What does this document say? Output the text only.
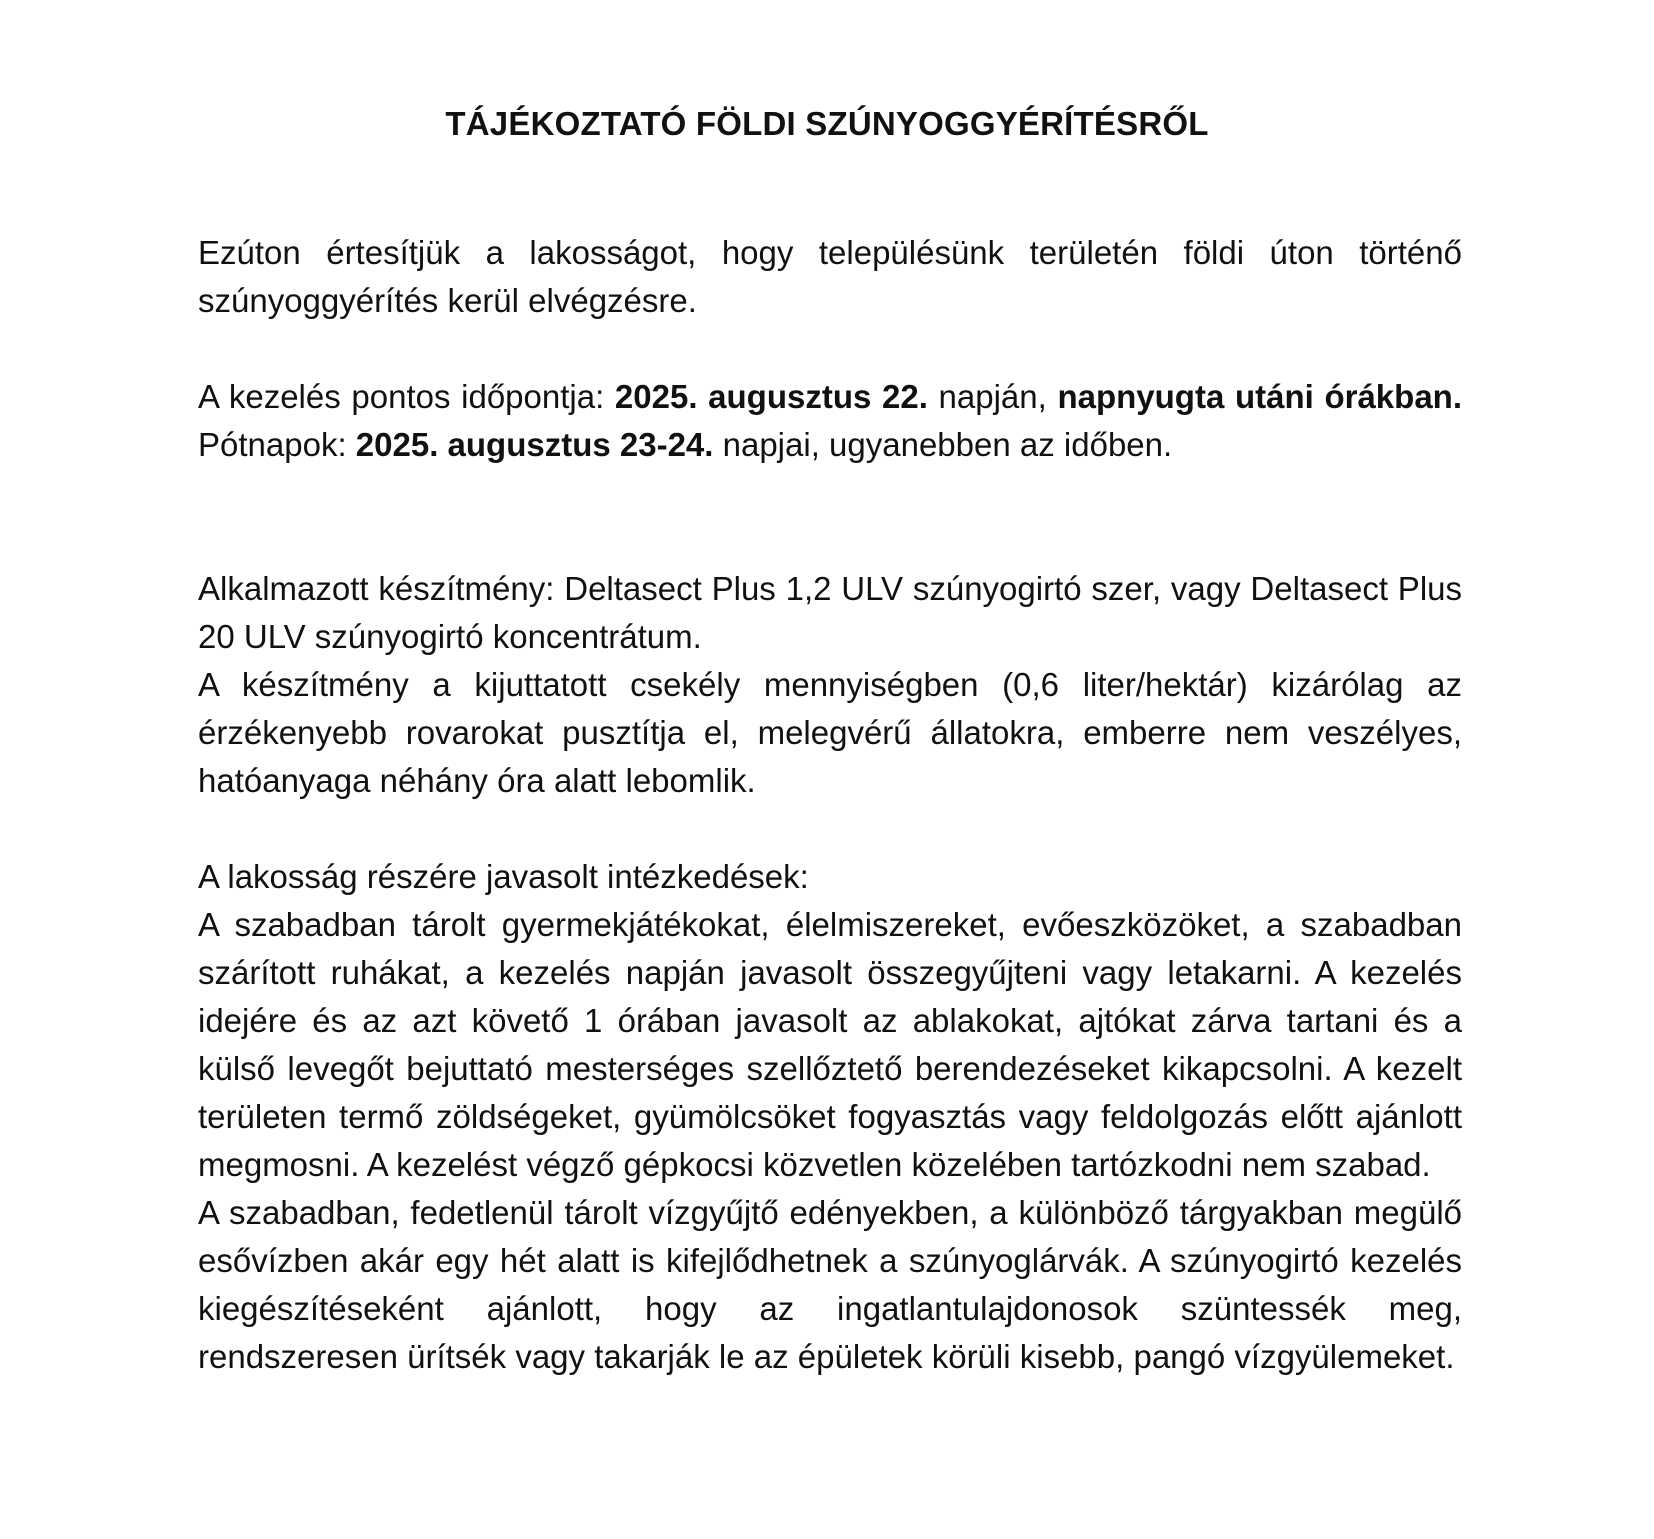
TÁJÉKOZTATÓ FÖLDI SZÚNYOGGYÉRÍTÉSRŐL

Ezúton értesítjük a lakosságot, hogy településünk területén földi úton történő szúnyoggyérítés kerül elvégzésre.

A kezelés pontos időpontja: 2025. augusztus 22. napján, napnyugta utáni órákban. Pótnapok: 2025. augusztus 23-24. napjai, ugyanebben az időben.

Alkalmazott készítmény: Deltasect Plus 1,2 ULV szúnyogirtó szer, vagy Deltasect Plus 20 ULV szúnyogirtó koncentrátum.

A készítmény a kijuttatott csekély mennyiségben (0,6 liter/hektár) kizárólag az érzékenyebb rovarokat pusztítja el, melegvérű állatokra, emberre nem veszélyes, hatóanyaga néhány óra alatt lebomlik.

A lakosság részére javasolt intézkedések:

A szabadban tárolt gyermekjátékokat, élelmiszereket, evőeszközöket, a szabadban szárított ruhákat, a kezelés napján javasolt összegyűjteni vagy letakarni. A kezelés idejére és az azt követő 1 órában javasolt az ablakokat, ajtókat zárva tartani és a külső levegőt bejuttató mesterséges szellőztető berendezéseket kikapcsolni. A kezelt területen termő zöldségeket, gyümölcsöket fogyasztás vagy feldolgozás előtt ajánlott megmosni. A kezelést végző gépkocsi közvetlen közelében tartózkodni nem szabad.

A szabadban, fedetlenül tárolt vízgyűjtő edényekben, a különböző tárgyakban megülő esővízben akár egy hét alatt is kifejlődhetnek a szúnyoglárvák. A szúnyogirtó kezelés kiegészítéseként ajánlott, hogy az ingatlantulajdonosok szüntessék meg, rendszeresen ürítsék vagy takarják le az épületek körüli kisebb, pangó vízgyülemeket.
